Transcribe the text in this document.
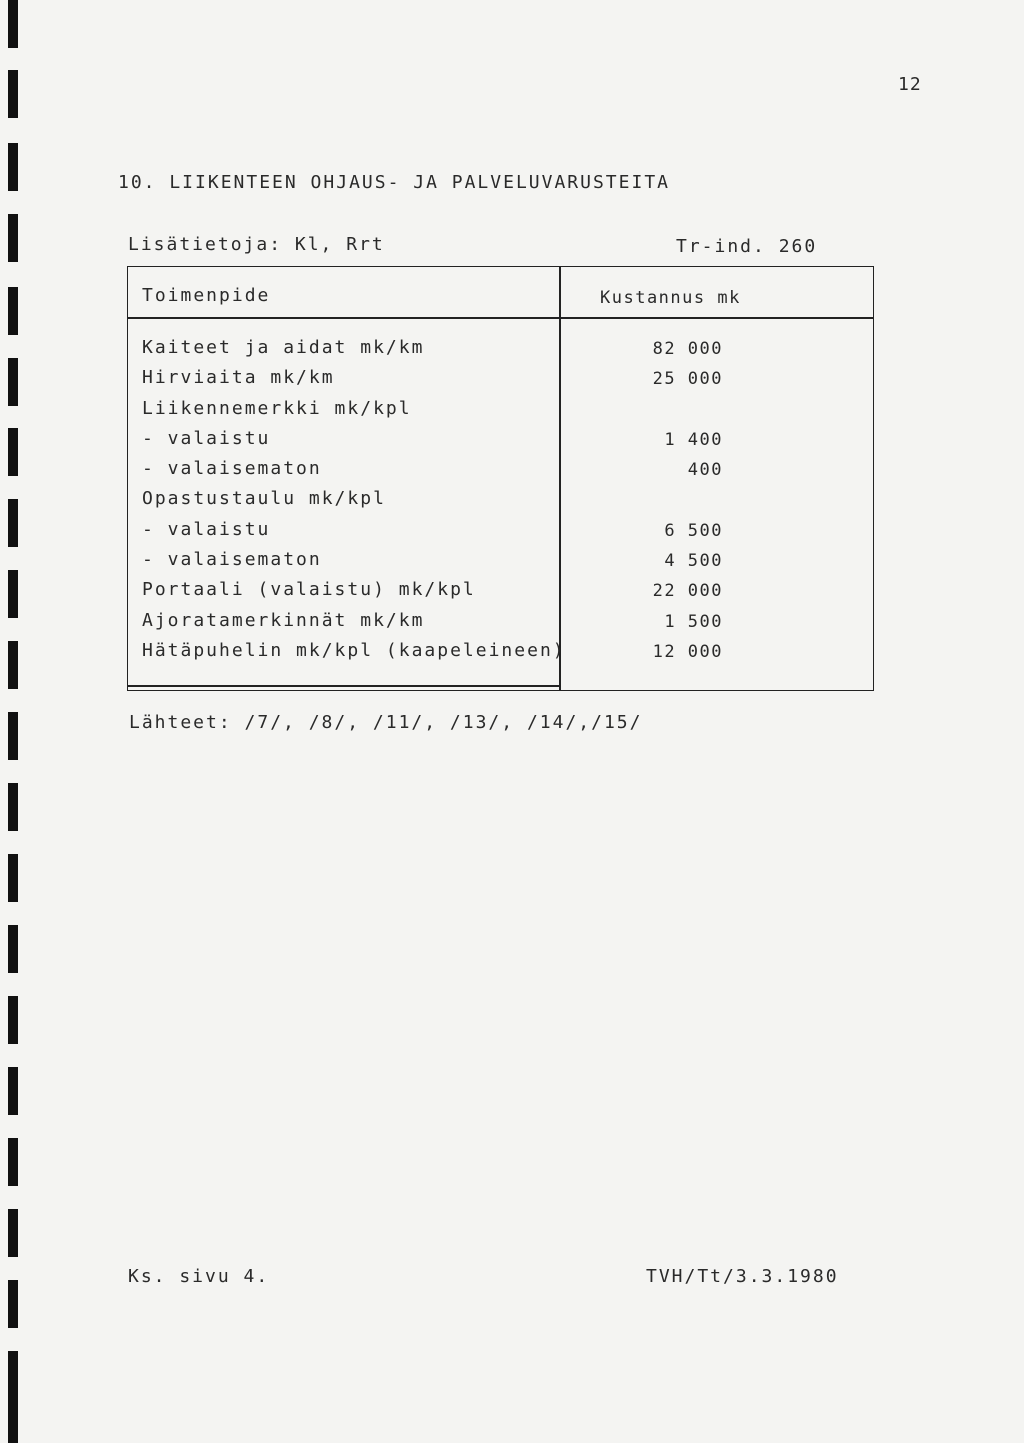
12
10. LIIKENTEEN OHJAUS- JA PALVELUVARUSTEITA
Lisätietoja: Kl, Rrt	Tr-ind. 260
Toimenpide	Kustannus mk
Kaiteet ja aidat mk/km	82 000
Hirviaita mk/km	25 000
Liikennemerkki mk/kpl
- valaistu	1 400
- valaisematon	400
Opastustaulu mk/kpl
- valaistu	6 500
- valaisematon	4 500
Portaali (valaistu) mk/kpl	22 000
Ajoratamerkinnät mk/km	1 500
Hätäpuhelin mk/kpl (kaapeleineen)	12 000
Lähteet: /7/, /8/, /11/, /13/, /14/,/15/
Ks. sivu 4.	TVH/Tt/3.3.1980
